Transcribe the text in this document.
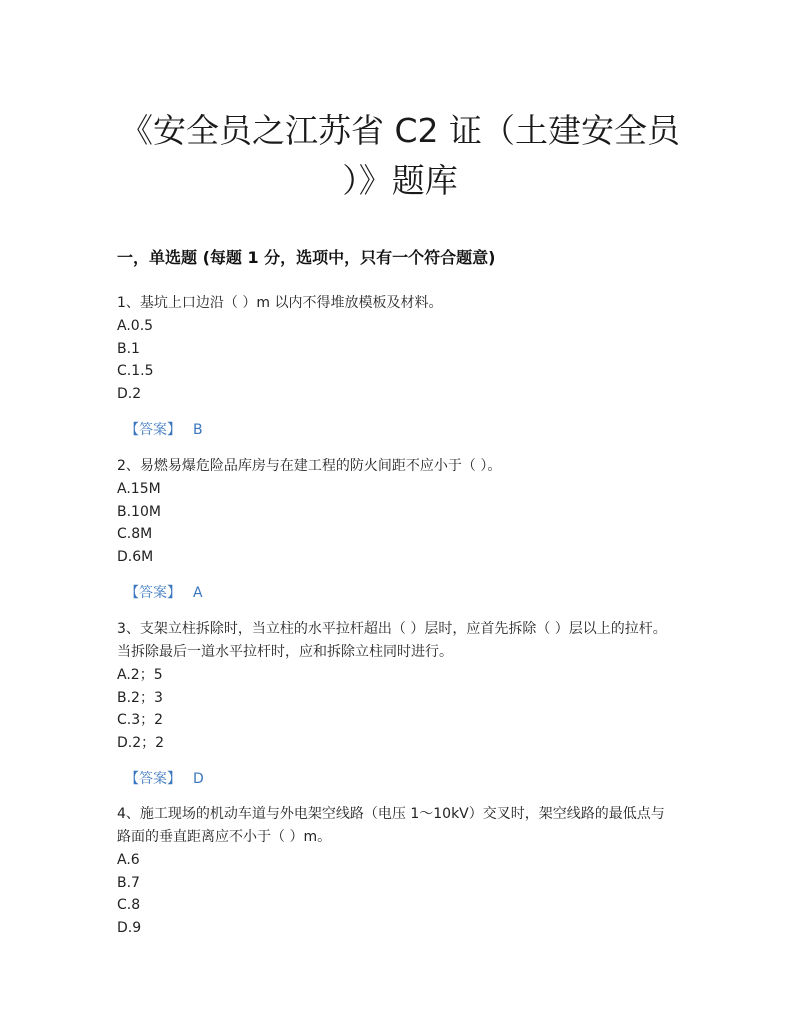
《安全员之江苏省 C2 证（土建安全员
）》题库
一，单选题 (每题 1 分，选项中，只有一个符合题意)

1、基坑上口边沿（ ）m 以内不得堆放模板及材料。

A.0.5

B.1

C.1.5

D.2

【答案】 B

2、易燃易爆危险品库房与在建工程的防火间距不应小于（ ）。

A.15M

B.10M

C.8M

D.6M

【答案】 A

3、支架立柱拆除时，当立柱的水平拉杆超出（ ）层时，应首先拆除（ ）层以上的拉杆。

当拆除最后一道水平拉杆时，应和拆除立柱同时进行。

A.2；5

B.2；3

C.3；2

D.2；2

【答案】 D

4、施工现场的机动车道与外电架空线路（电压 1～10kV）交叉时，架空线路的最低点与

路面的垂直距离应不小于（ ）m。

A.6

B.7

C.8

D.9
